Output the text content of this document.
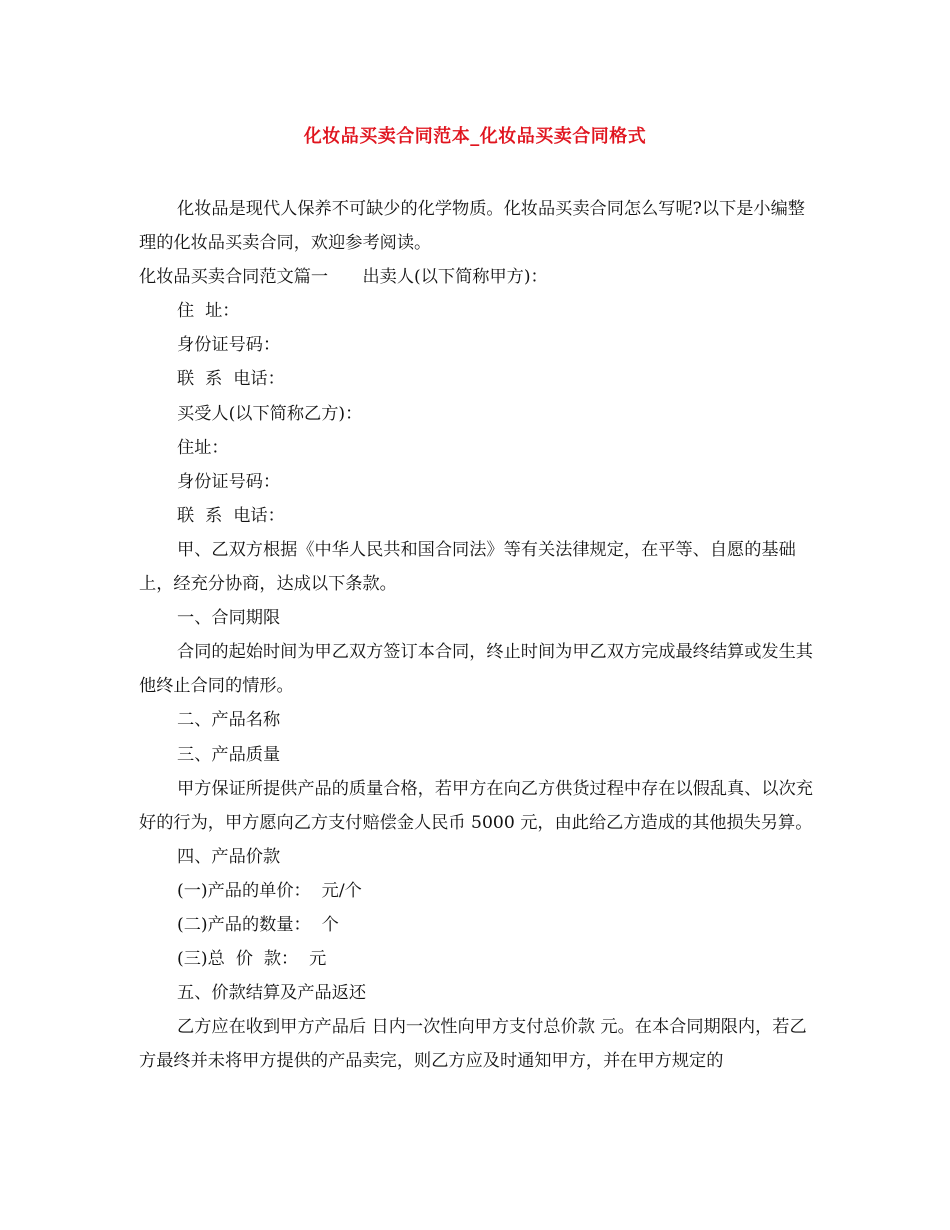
化妆品买卖合同范本_化妆品买卖合同格式

化妆品是现代人保养不可缺少的化学物质。化妆品买卖合同怎么写呢?以下是小编整理的化妆品买卖合同，欢迎参考阅读。

化妆品买卖合同范文篇一　　出卖人(以下简称甲方)：

住  址：

身份证号码：

联  系  电话：

买受人(以下简称乙方)：

住址：

身份证号码：

联  系  电话：

甲、乙双方根据《中华人民共和国合同法》等有关法律规定，在平等、自愿的基础上，经充分协商，达成以下条款。

一、合同期限

合同的起始时间为甲乙双方签订本合同，终止时间为甲乙双方完成最终结算或发生其他终止合同的情形。

二、产品名称

三、产品质量

甲方保证所提供产品的质量合格，若甲方在向乙方供货过程中存在以假乱真、以次充好的行为，甲方愿向乙方支付赔偿金人民币 5000 元，由此给乙方造成的其他损失另算。

四、产品价款

(一)产品的单价：  元/个

(二)产品的数量：  个

(三)总  价  款：  元

五、价款结算及产品返还

乙方应在收到甲方产品后 日内一次性向甲方支付总价款 元。在本合同期限内，若乙方最终并未将甲方提供的产品卖完，则乙方应及时通知甲方，并在甲方规定的
